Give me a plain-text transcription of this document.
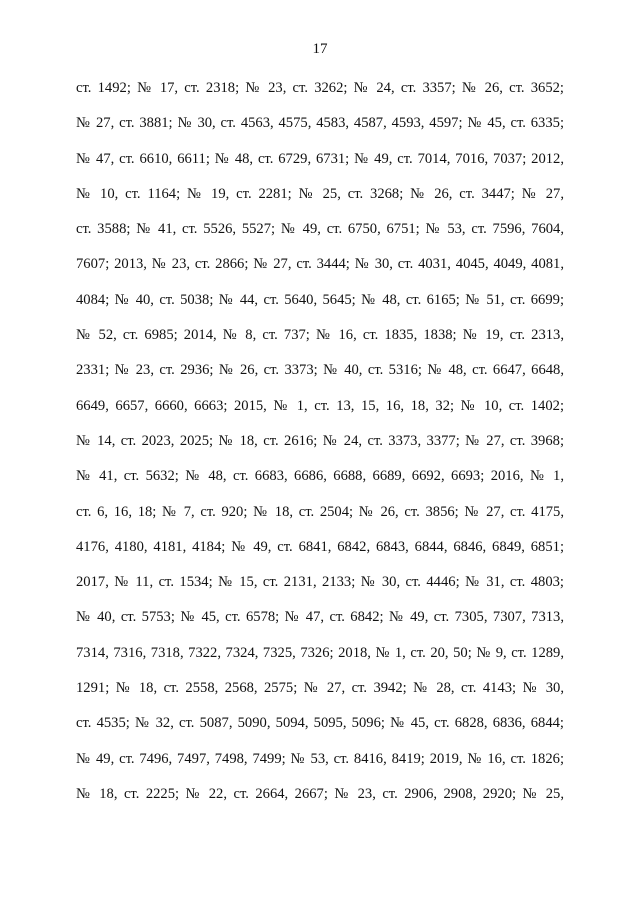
17
ст. 1492; № 17, ст. 2318; № 23, ст. 3262; № 24, ст. 3357; № 26, ст. 3652;
№ 27, ст. 3881; № 30, ст. 4563, 4575, 4583, 4587, 4593, 4597; № 45, ст. 6335;
№ 47, ст. 6610, 6611; № 48, ст. 6729, 6731; № 49, ст. 7014, 7016, 7037; 2012,
№ 10, ст. 1164; № 19, ст. 2281; № 25, ст. 3268; № 26, ст. 3447; № 27,
ст. 3588; № 41, ст. 5526, 5527; № 49, ст. 6750, 6751; № 53, ст. 7596, 7604,
7607; 2013, № 23, ст. 2866; № 27, ст. 3444; № 30, ст. 4031, 4045, 4049, 4081,
4084; № 40, ст. 5038; № 44, ст. 5640, 5645; № 48, ст. 6165; № 51, ст. 6699;
№ 52, ст. 6985; 2014, № 8, ст. 737; № 16, ст. 1835, 1838; № 19, ст. 2313,
2331; № 23, ст. 2936; № 26, ст. 3373; № 40, ст. 5316; № 48, ст. 6647, 6648,
6649, 6657, 6660, 6663; 2015, № 1, ст. 13, 15, 16, 18, 32; № 10, ст. 1402;
№ 14, ст. 2023, 2025; № 18, ст. 2616; № 24, ст. 3373, 3377; № 27, ст. 3968;
№ 41, ст. 5632; № 48, ст. 6683, 6686, 6688, 6689, 6692, 6693; 2016, № 1,
ст. 6, 16, 18; № 7, ст. 920; № 18, ст. 2504; № 26, ст. 3856; № 27, ст. 4175,
4176, 4180, 4181, 4184; № 49, ст. 6841, 6842, 6843, 6844, 6846, 6849, 6851;
2017, № 11, ст. 1534; № 15, ст. 2131, 2133; № 30, ст. 4446; № 31, ст. 4803;
№ 40, ст. 5753; № 45, ст. 6578; № 47, ст. 6842; № 49, ст. 7305, 7307, 7313,
7314, 7316, 7318, 7322, 7324, 7325, 7326; 2018, № 1, ст. 20, 50; № 9, ст. 1289,
1291; № 18, ст. 2558, 2568, 2575; № 27, ст. 3942; № 28, ст. 4143; № 30,
ст. 4535; № 32, ст. 5087, 5090, 5094, 5095, 5096; № 45, ст. 6828, 6836, 6844;
№ 49, ст. 7496, 7497, 7498, 7499; № 53, ст. 8416, 8419; 2019, № 16, ст. 1826;
№ 18, ст. 2225; № 22, ст. 2664, 2667; № 23, ст. 2906, 2908, 2920; № 25,
